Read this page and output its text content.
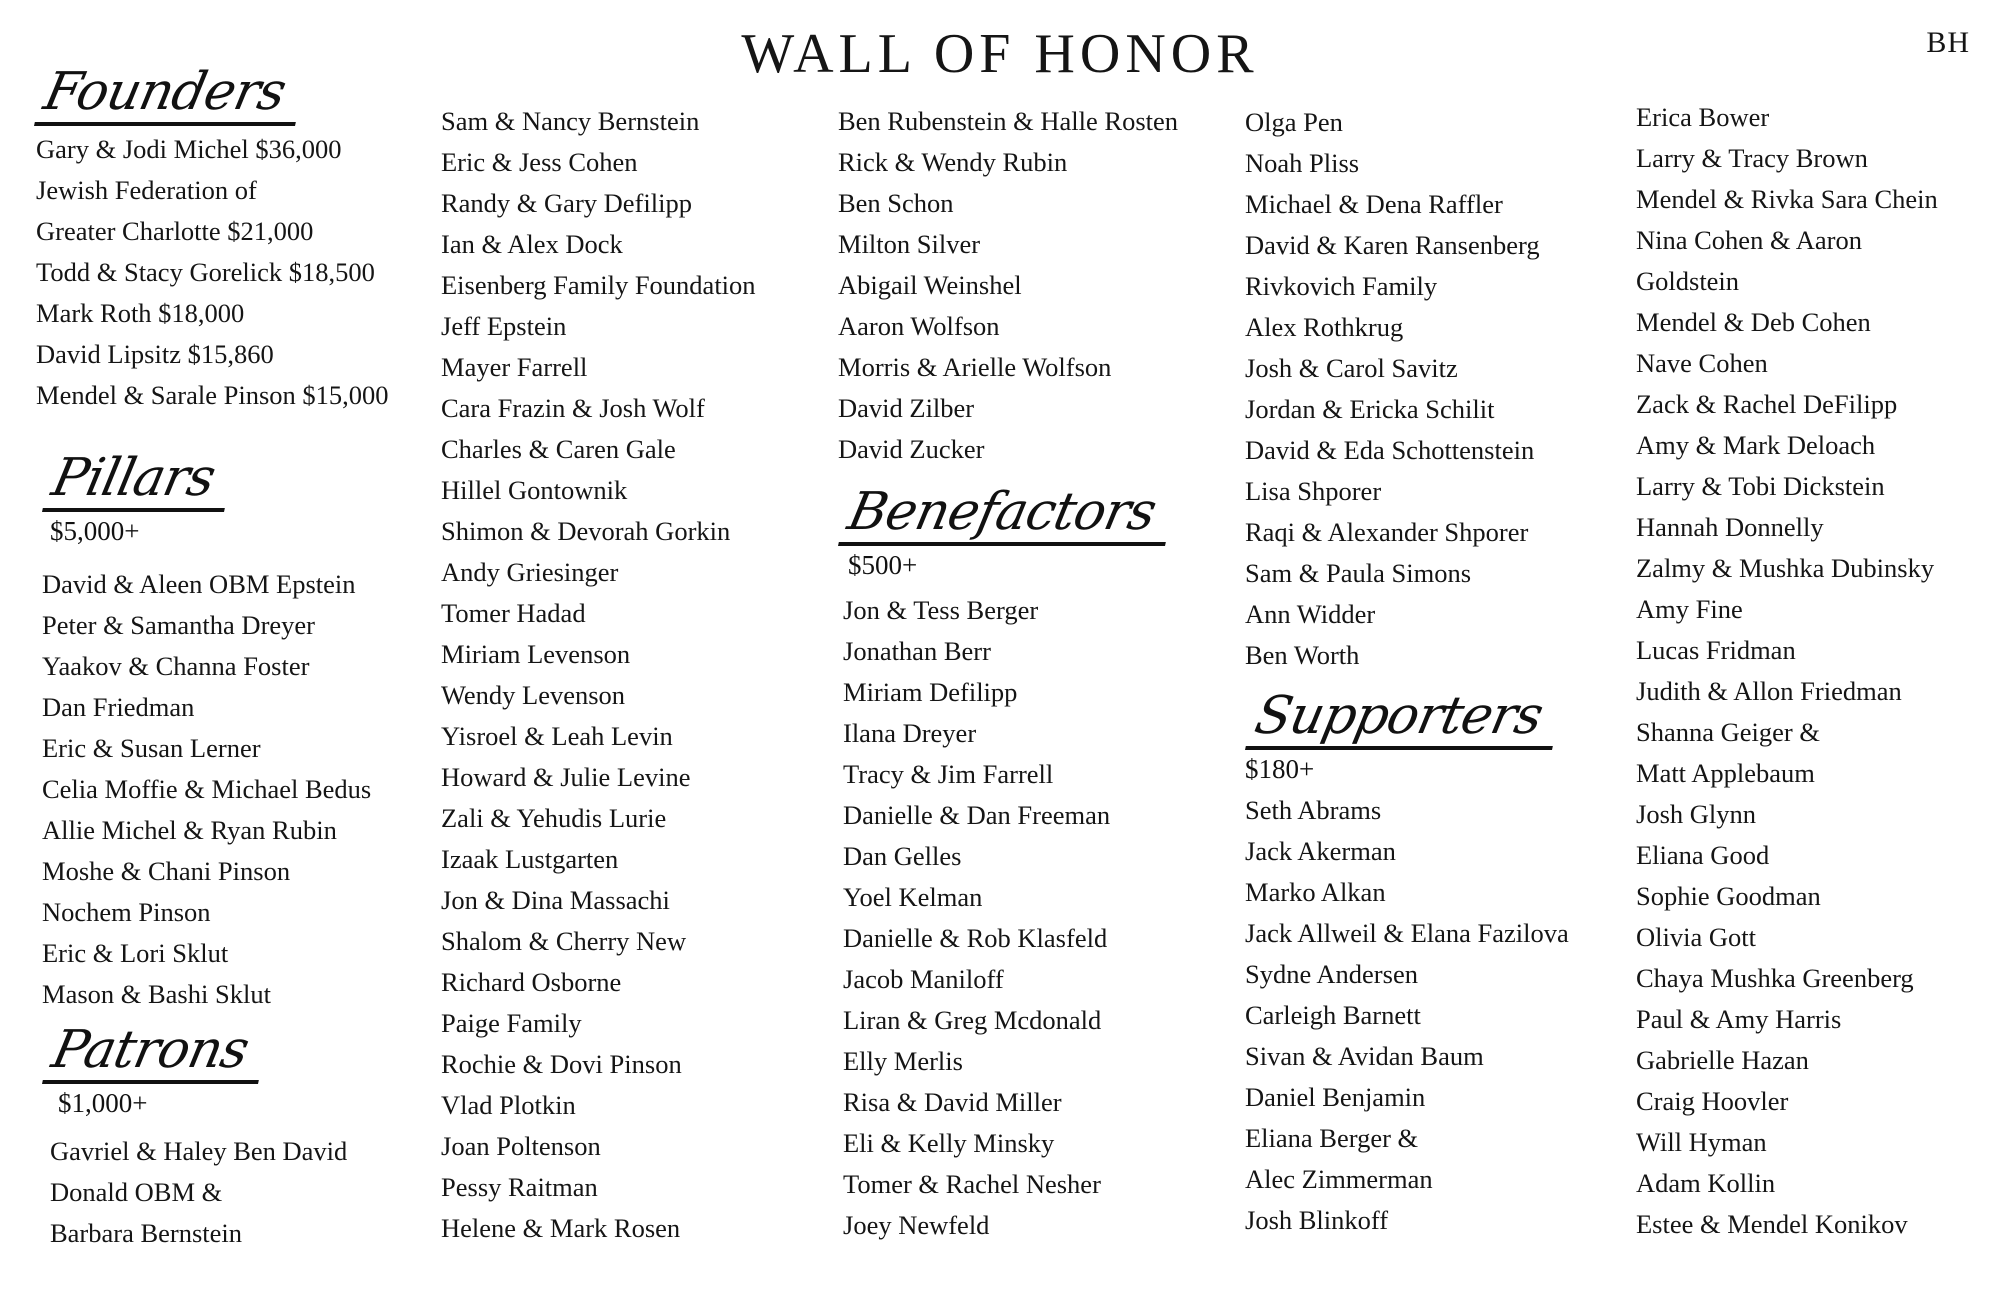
WALL OF HONOR	BH
Founders
Gary & Jodi Michel $36,000
Jewish Federation of
Greater Charlotte $21,000
Todd & Stacy Gorelick $18,500
Mark Roth $18,000
David Lipsitz $15,860
Mendel & Sarale Pinson $15,000
Pillars
$5,000+
David & Aleen OBM Epstein
Peter & Samantha Dreyer
Yaakov & Channa Foster
Dan Friedman
Eric & Susan Lerner
Celia Moffie & Michael Bedus
Allie Michel & Ryan Rubin
Moshe & Chani Pinson
Nochem Pinson
Eric & Lori Sklut
Mason & Bashi Sklut
Patrons
$1,000+
Gavriel & Haley Ben David
Donald OBM &
Barbara Bernstein
Sam & Nancy Bernstein
Eric & Jess Cohen
Randy & Gary Defilipp
Ian & Alex Dock
Eisenberg Family Foundation
Jeff Epstein
Mayer Farrell
Cara Frazin & Josh Wolf
Charles & Caren Gale
Hillel Gontownik
Shimon & Devorah Gorkin
Andy Griesinger
Tomer Hadad
Miriam Levenson
Wendy Levenson
Yisroel & Leah Levin
Howard & Julie Levine
Zali & Yehudis Lurie
Izaak Lustgarten
Jon & Dina Massachi
Shalom & Cherry New
Richard Osborne
Paige Family
Rochie & Dovi Pinson
Vlad Plotkin
Joan Poltenson
Pessy Raitman
Helene & Mark Rosen
Ben Rubenstein & Halle Rosten
Rick & Wendy Rubin
Ben Schon
Milton Silver
Abigail Weinshel
Aaron Wolfson
Morris & Arielle Wolfson
David Zilber
David Zucker
Benefactors
$500+
Jon & Tess Berger
Jonathan Berr
Miriam Defilipp
Ilana Dreyer
Tracy & Jim Farrell
Danielle & Dan Freeman
Dan Gelles
Yoel Kelman
Danielle & Rob Klasfeld
Jacob Maniloff
Liran & Greg Mcdonald
Elly Merlis
Risa & David Miller
Eli & Kelly Minsky
Tomer & Rachel Nesher
Joey Newfeld
Olga Pen
Noah Pliss
Michael & Dena Raffler
David & Karen Ransenberg
Rivkovich Family
Alex Rothkrug
Josh & Carol Savitz
Jordan & Ericka Schilit
David & Eda Schottenstein
Lisa Shporer
Raqi & Alexander Shporer
Sam & Paula Simons
Ann Widder
Ben Worth
Supporters
$180+
Seth Abrams
Jack Akerman
Marko Alkan
Jack Allweil & Elana Fazilova
Sydne Andersen
Carleigh Barnett
Sivan & Avidan Baum
Daniel Benjamin
Eliana Berger &
Alec Zimmerman
Josh Blinkoff
Erica Bower
Larry & Tracy Brown
Mendel & Rivka Sara Chein
Nina Cohen & Aaron
Goldstein
Mendel & Deb Cohen
Nave Cohen
Zack & Rachel DeFilipp
Amy & Mark Deloach
Larry & Tobi Dickstein
Hannah Donnelly
Zalmy & Mushka Dubinsky
Amy Fine
Lucas Fridman
Judith & Allon Friedman
Shanna Geiger &
Matt Applebaum
Josh Glynn
Eliana Good
Sophie Goodman
Olivia Gott
Chaya Mushka Greenberg
Paul & Amy Harris
Gabrielle Hazan
Craig Hoovler
Will Hyman
Adam Kollin
Estee & Mendel Konikov
